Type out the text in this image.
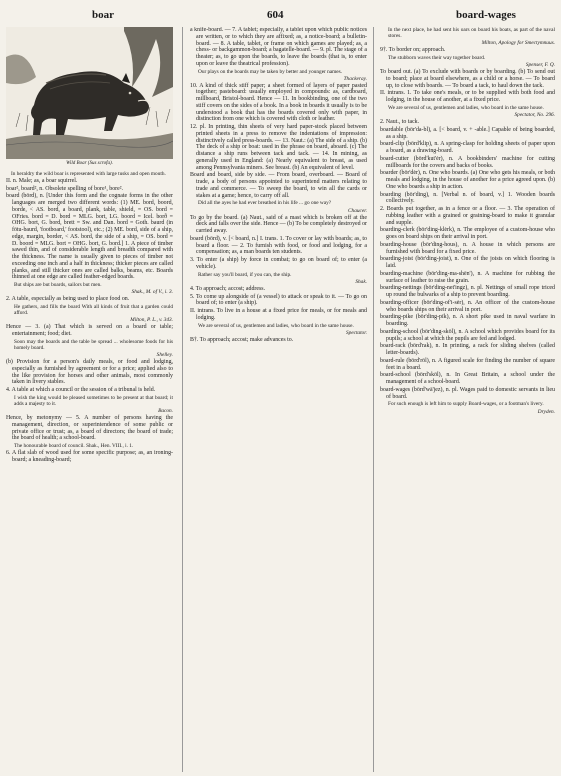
boar	604	board-wages
Wild Boar (Sus scrofa).

In heraldry the wild boar is represented with large tusks and open mouth.

II. n. Male; as, a boar squirrel.

boar², board², n. Obsolete spelling of bore¹, bore².

board (bōrd), n. [Under this form and the cognate forms in the other languages are merged two different words: (1) ME. bord, boord, borde, < AS. bord, a board, plank, table, shield, = OS. bord = OFries. bord = D. bord = MLG. bort, LG. boord = Icel. borð = OHG. bort, G. bord, brett = Sw. and Dan. bord = Goth. baurd (in fōtu-baurd, 'footboard,' footstool), etc.; (2) ME. bord, side of a ship, edge, margin, border, < AS. bord, the side of a ship, = OS. bord = D. boord = MLG. bort = OHG. bort, G. bord.] 1. A piece of timber sawed thin, and of considerable length and breadth compared with the thickness. The name is usually given to pieces of timber not exceeding one inch and a half in thickness; thicker pieces are called planks, and still thicker ones are called balks, beams, etc. Boards thinned at one edge are called feather-edged boards.

But ships are but boards, sailors but men.

Shak., M. of V., i. 3.

2. A table, especially as being used to place food on.

He gathers, and fills the board With all kinds of fruit that a garden could afford.

Milton, P. L., v. 343.

Hence — 3. (a) That which is served on a board or table; entertainment; food; diet.

Soon may the boards and the table be spread ... wholesome foods for his homely board.

Shelley.

(b) Provision for a person's daily meals, or food and lodging, especially as furnished by agreement or for a price; applied also to the like provision for horses and other animals, most commonly taken in livery stables.

4. A table at which a council or the session of a tribunal is held.

I wish the king would be pleased sometimes to be present at that board; it adds a majesty to it.

Bacon.

Hence, by metonymy — 5. A number of persons having the management, direction, or superintendence of some public or private office or trust; as, a board of directors; the board of trade; the board of health; a school-board.

The honourable board of council. Shak., Hen. VIII., i. 1.

6. A flat slab of wood used for some specific purpose; as, an ironing-board; a kneading-board;

a knife-board. — 7. A tablet; especially, a tablet upon which public notices are written, or to which they are affixed; as, a notice-board; a bulletin-board. — 8. A table, tablet, or frame on which games are played; as, a chess- or backgammon-board; a bagatelle-board. — 9. pl. The stage of a theater; as, to go upon the boards, to leave the boards (that is, to enter upon or leave the theatrical profession).

Our plays on the boards may be taken by better and younger names.

Thackeray.

10. A kind of thick stiff paper; a sheet formed of layers of paper pasted together; pasteboard: usually employed in compounds: as, cardboard, millboard, Bristol-board. Hence — 11. In bookbinding, one of the two stiff covers on the sides of a book. In a book in boards it usually is to be understood a book that has the boards covered only with paper, in distinction from one which is covered with cloth or leather.

12. pl. In printing, thin sheets of very hard paper-stock placed between printed sheets in a press to remove the indentations of impression: distinctively called press-boards. — 13. Naut.: (a) The side of a ship. (b) The deck of a ship or boat: used in the phrase on board, aboard. (c) The distance a ship runs between tack and tack. — 14. In mining, as generally used in England: (a) Nearly equivalent to breast, as used among Pennsylvania miners. See breast. (b) An equivalent of level.

Board and board, side by side. — From board, overboard. — Board of trade, a body of persons appointed to superintend matters relating to trade and commerce. — To sweep the board, to win all the cards or stakes at a game; hence, to carry off all.

Did all the ayes he had ever breathed in his life ... go one way?

Chaucer.

To go by the board. (a) Naut., said of a mast which is broken off at the deck and falls over the side. Hence — (b) To be completely destroyed or carried away.

board (bōrd), v. [< board, n.] I. trans. 1. To cover or lay with boards; as, to board a floor. — 2. To furnish with food, or food and lodging, for a compensation; as, a man boards ten students.

3. To enter (a ship) by force in combat; to go on board of; to enter (a vehicle).

Rather say you'll board, if you can, the ship.

Shak.

4. To approach; accost; address.

5. To come up alongside of (a vessel) to attack or speak to it. — To go on board of; to enter (a ship).

II. intrans. To live in a house at a fixed price for meals, or for meals and lodging.

We are several of us, gentlemen and ladies, who board in the same house.

Spectator.

B†. To approach; accost; make advances to.

In the next place, he had sent his oars on board his boats, as part of the naval stores.

Milton, Apology for Smectymnuus.

9†. To border on; approach.

The stubborn waves their way together board.

Spenser, F. Q.

To board out. (a) To exclude with boards or by boarding. (b) To send out to board; place at board elsewhere, as a child or a horse. — To board up, to close with boards. — To board a tack, to haul down the tack.

II. intrans. 1. To take one's meals, or to be supplied with both food and lodging, in the house of another, at a fixed price.

We are several of us, gentlemen and ladies, who board in the same house.

Spectator, No. 296.

2. Naut., to tack.

boardable (bōr'da-bl), a. [< board, v. + -able.] Capable of being boarded, as a ship.

board-clip (bōrd'klip), n. A spring-clasp for holding sheets of paper upon a board, as a drawing-board.

board-cutter (bōrd'kut'ėr), n. A bookbinders' machine for cutting millboards for the covers and backs of books.

boarder (bōr'dėr), n. One who boards. (a) One who gets his meals, or both meals and lodging, in the house of another for a price agreed upon. (b) One who boards a ship in action.

boarding (bōr'ding), n. [Verbal n. of board, v.] 1. Wooden boards collectively.

2. Boards put together, as in a fence or a floor. — 3. The operation of rubbing leather with a grained or graining-board to make it granular and supple.

boarding-clerk (bōr'ding-klėrk), n. The employee of a custom-house who goes on board ships on their arrival in port.

boarding-house (bōr'ding-hous), n. A house in which persons are furnished with board for a fixed price.

boarding-joist (bōr'ding-joist), n. One of the joists on which flooring is laid.

boarding-machine (bōr'ding-ma-shēn'), n. A machine for rubbing the surface of leather to raise the grain.

boarding-nettings (bōr'ding-net'ingz), n. pl. Nettings of small rope triced up round the bulwarks of a ship to prevent boarding.

boarding-officer (bōr'ding-of'i-sėr), n. An officer of the custom-house who boards ships on their arrival in port.

boarding-pike (bōr'ding-pīk), n. A short pike used in naval warfare in boarding.

boarding-school (bōr'ding-skōl), n. A school which provides board for its pupils; a school at which the pupils are fed and lodged.

board-rack (bōrd'rak), n. In printing, a rack for sliding shelves (called letter-boards).

board-rule (bōrd'rōl), n. A figured scale for finding the number of square feet in a board.

board-school (bōrd'skōl), n. In Great Britain, a school under the management of a school-board.

board-wages (bōrd'wā'jez), n. pl. Wages paid to domestic servants in lieu of board.

For such enough is left him to supply Board-wages, or a footman's livery.

Dryden.
